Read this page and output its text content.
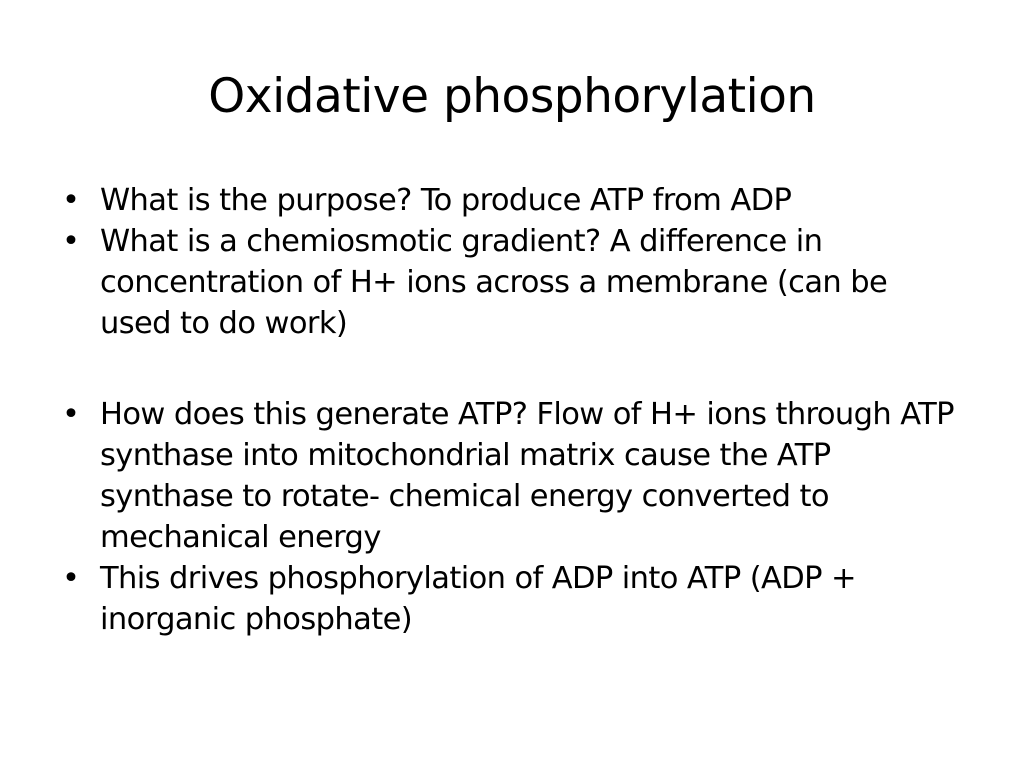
Oxidative phosphorylation
• What is the purpose? To produce ATP from ADP
• What is a chemiosmotic gradient? A difference in concentration of H+ ions across a membrane (can be used to do work)
• How does this generate ATP? Flow of H+ ions through ATP synthase into mitochondrial matrix cause the ATP synthase to rotate- chemical energy converted to mechanical energy
• This drives phosphorylation of ADP into ATP (ADP + inorganic phosphate)
